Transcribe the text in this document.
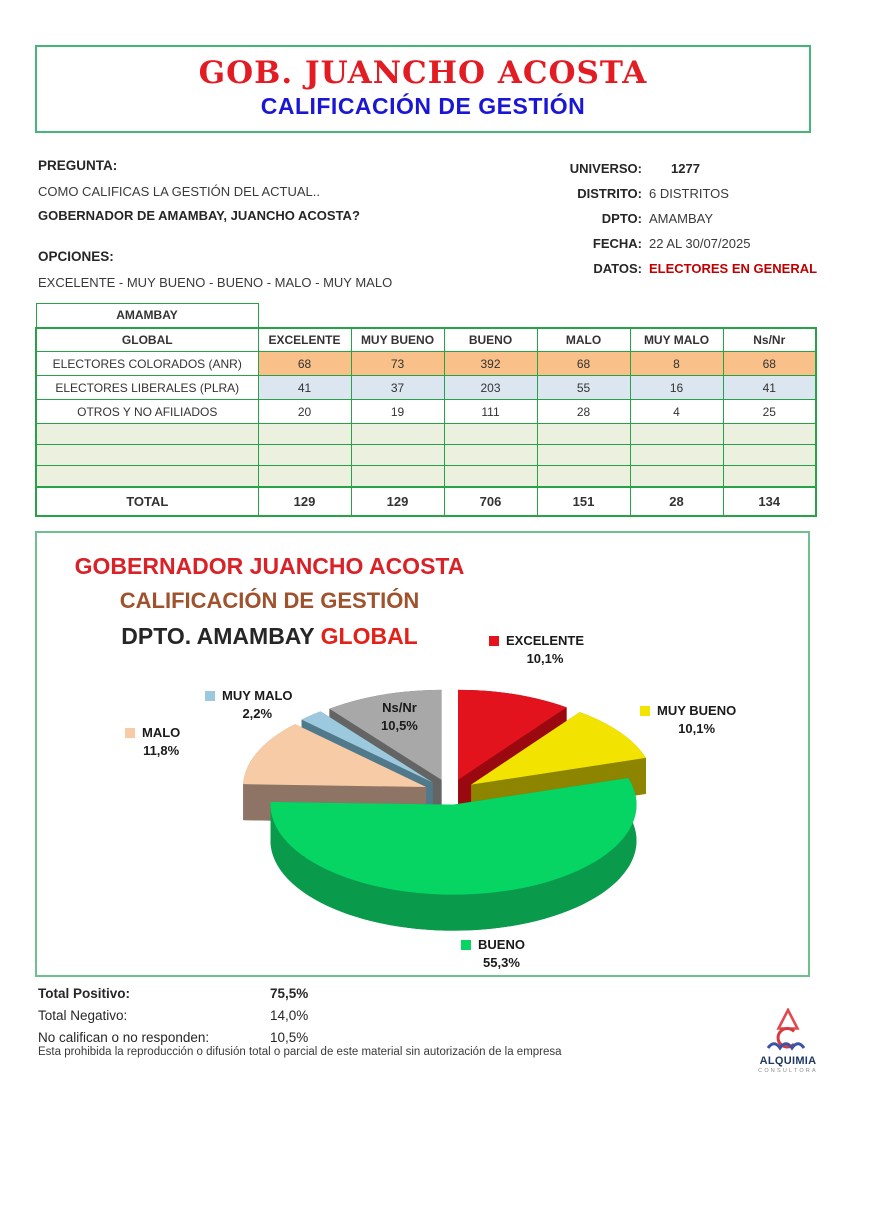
GOB. JUANCHO ACOSTA
CALIFICACIÓN DE GESTIÓN

PREGUNTA:

COMO CALIFICAS LA GESTIÓN DEL ACTUAL..

GOBERNADOR DE AMAMBAY, JUANCHO ACOSTA?

OPCIONES:

EXCELENTE - MUY BUENO - BUENO - MALO - MUY MALO

UNIVERSO:	1277
DISTRITO: 6 DISTRITOS
DPTO: AMAMBAY
FECHA: 22 AL 30/07/2025
DATOS: ELECTORES EN GENERAL
AMAMBAY						
GLOBAL	EXCELENTE	MUY BUENO	BUENO	MALO	MUY MALO	Ns/Nr
ELECTORES COLORADOS (ANR)	68	73	392	68	8	68
ELECTORES LIBERALES (PLRA)	41	37	203	55	16	41
OTROS Y NO AFILIADOS	20	19	111	28	4	25

TOTAL	129	129	706	151	28	134
GOBERNADOR JUANCHO ACOSTA
CALIFICACIÓN DE GESTIÓN
DPTO. AMAMBAY GLOBAL	EXCELENTE
10,1%
MUY BUENO
10,1%
BUENO
55,3%
MALO
11,8%
MUY MALO
2,2%	Ns/Nr
10,5%
Total Positivo:	75,5%
Total Negativo:	14,0%
No califican o no responden:	10,5%
Esta prohibida la reproducción o difusión total o parcial de este material sin autorización de la empresa
ALQUIMIA
CONSULTORA
